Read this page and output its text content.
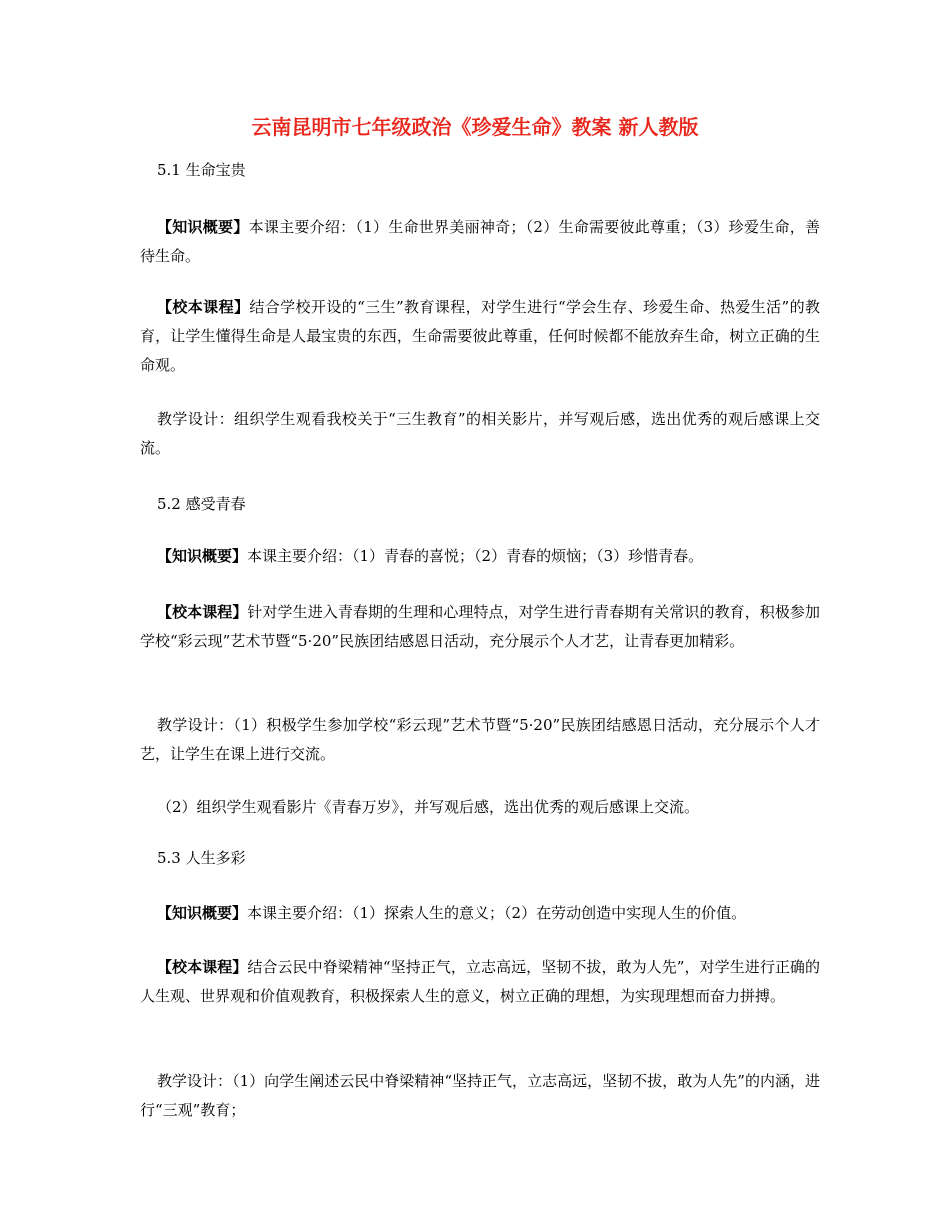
云南昆明市七年级政治《珍爱生命》教案 新人教版

5.1 生命宝贵

【知识概要】本课主要介绍：（1）生命世界美丽神奇；（2）生命需要彼此尊重；（3）珍爱生命，善待生命。

【校本课程】结合学校开设的“三生”教育课程，对学生进行“学会生存、珍爱生命、热爱生活”的教育，让学生懂得生命是人最宝贵的东西，生命需要彼此尊重，任何时候都不能放弃生命，树立正确的生命观。

教学设计：组织学生观看我校关于“三生教育”的相关影片，并写观后感，选出优秀的观后感课上交流。

5.2 感受青春

【知识概要】本课主要介绍：（1）青春的喜悦；（2）青春的烦恼；（3）珍惜青春。

【校本课程】针对学生进入青春期的生理和心理特点，对学生进行青春期有关常识的教育，积极参加学校“彩云现”艺术节暨“5·20”民族团结感恩日活动，充分展示个人才艺，让青春更加精彩。

教学设计：（1）积极学生参加学校“彩云现”艺术节暨“5·20”民族团结感恩日活动，充分展示个人才艺，让学生在课上进行交流。

（2）组织学生观看影片《青春万岁》，并写观后感，选出优秀的观后感课上交流。

5.3 人生多彩

【知识概要】本课主要介绍：（1）探索人生的意义；（2）在劳动创造中实现人生的价值。

【校本课程】结合云民中脊梁精神“坚持正气，立志高远，坚韧不拔，敢为人先”，对学生进行正确的人生观、世界观和价值观教育，积极探索人生的意义，树立正确的理想，为实现理想而奋力拼搏。

教学设计：（1）向学生阐述云民中脊梁精神“坚持正气，立志高远，坚韧不拔，敢为人先”的内涵，进行“三观”教育；
